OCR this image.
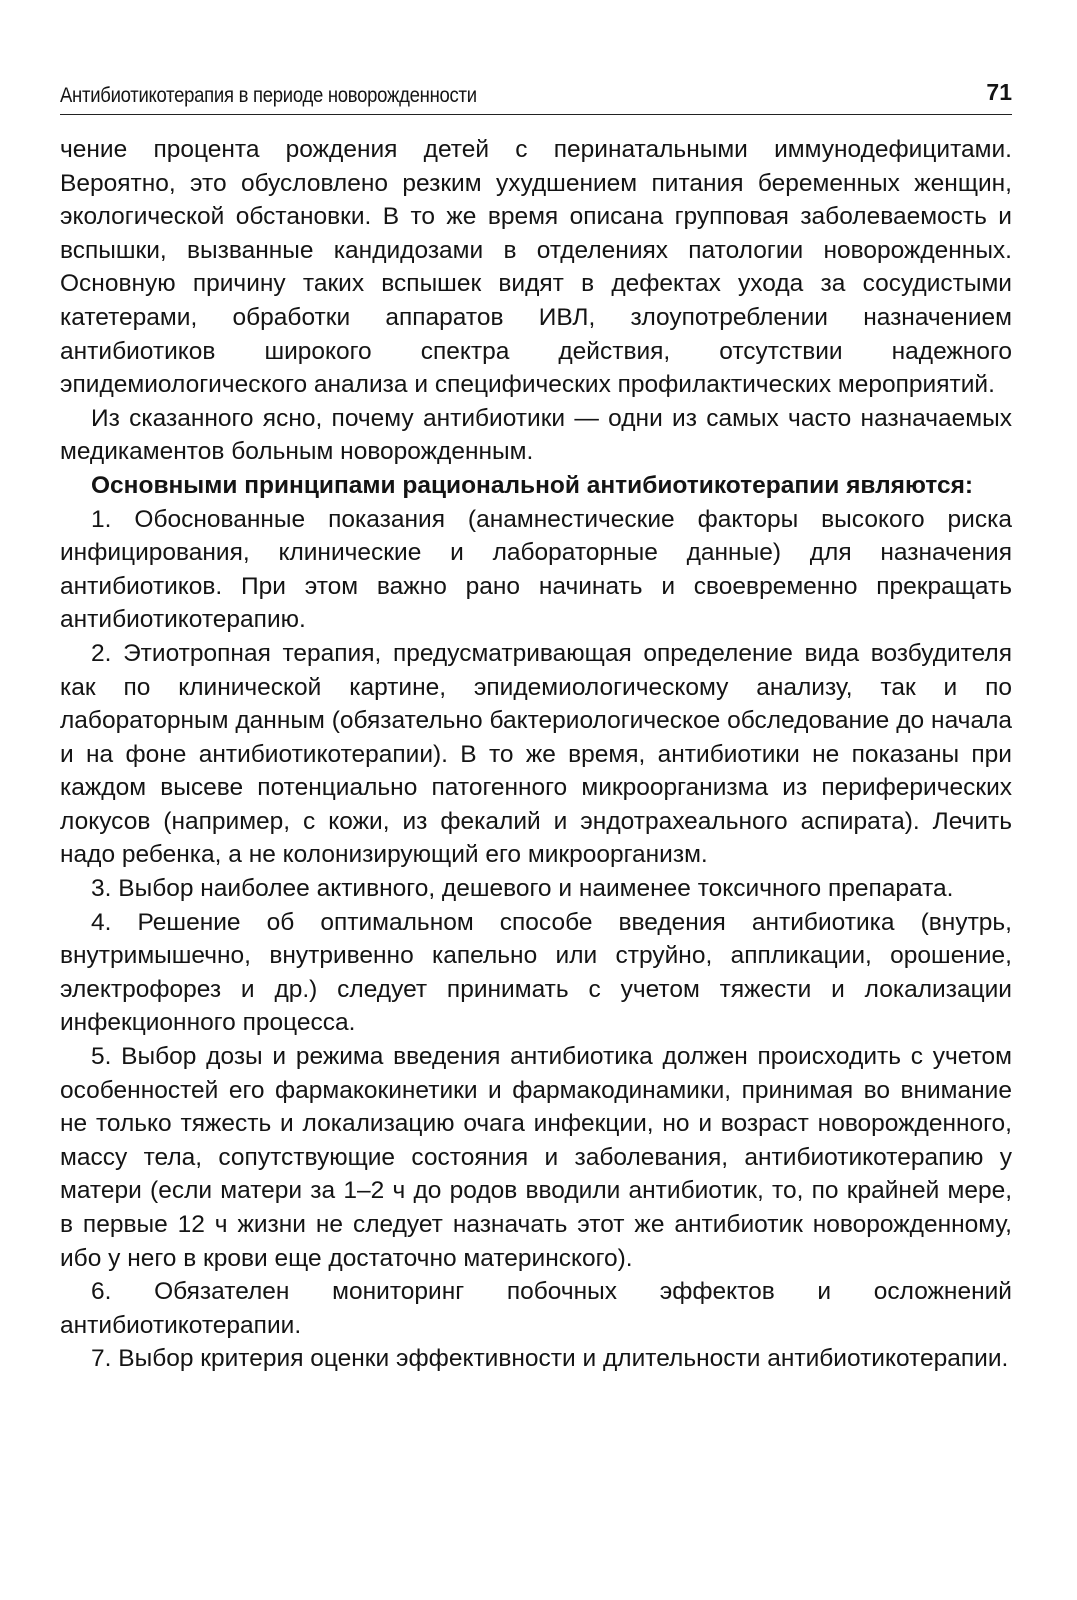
Антибиотикотерапия в периоде новорожденности	71

чение процента рождения детей с перинатальными иммунодефицитами. Вероятно, это обусловлено резким ухудшением питания беременных женщин, экологической обстановки. В то же время описана групповая заболеваемость и вспышки, вызванные кандидозами в отделениях патологии новорожденных. Основную причину таких вспышек видят в дефектах ухода за сосудистыми катетерами, обработки аппаратов ИВЛ, злоупотреблении назначением антибиотиков широкого спектра действия, отсутствии надежного эпидемиологического анализа и специфических профилактических мероприятий.

Из сказанного ясно, почему антибиотики — одни из самых часто назначаемых медикаментов больным новорожденным.

Основными принципами рациональной антибиотикотерапии являются:

1. Обоснованные показания (анамнестические факторы высокого риска инфицирования, клинические и лабораторные данные) для назначения антибиотиков. При этом важно рано начинать и своевременно прекращать антибиотикотерапию.

2. Этиотропная терапия, предусматривающая определение вида возбудителя как по клинической картине, эпидемиологическому анализу, так и по лабораторным данным (обязательно бактериологическое обследование до начала и на фоне антибиотикотерапии). В то же время, антибиотики не показаны при каждом высеве потенциально патогенного микроорганизма из периферических локусов (например, с кожи, из фекалий и эндотрахеального аспирата). Лечить надо ребенка, а не колонизирующий его микроорганизм.

3. Выбор наиболее активного, дешевого и наименее токсичного препарата.

4. Решение об оптимальном способе введения антибиотика (внутрь, внутримышечно, внутривенно капельно или струйно, аппликации, орошение, электрофорез и др.) следует принимать с учетом тяжести и локализации инфекционного процесса.

5. Выбор дозы и режима введения антибиотика должен происходить с учетом особенностей его фармакокинетики и фармакодинамики, принимая во внимание не только тяжесть и локализацию очага инфекции, но и возраст новорожденного, массу тела, сопутствующие состояния и заболевания, антибиотикотерапию у матери (если матери за 1–2 ч до родов вводили антибиотик, то, по крайней мере, в первые 12 ч жизни не следует назначать этот же антибиотик новорожденному, ибо у него в крови еще достаточно материнского).

6. Обязателен мониторинг побочных эффектов и осложнений антибиотикотерапии.

7. Выбор критерия оценки эффективности и длительности антибиотикотерапии.
